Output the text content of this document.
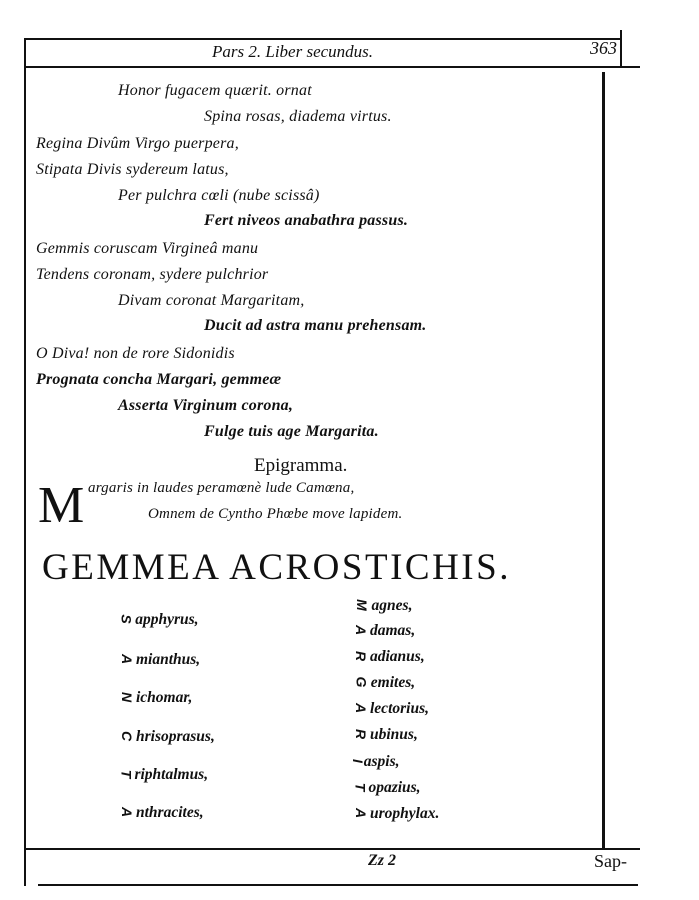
Pars 2. Liber secundus.	363
Honor fugacem quærit. ornat
Spina rosas, diadema virtus.
Regina Divûm Virgo puerpera,
Stipata Divis sydereum latus,
Per pulchra cœli (nube scissâ)
Fert niveos anabathra passus.
Gemmis coruscam Virgineâ manu
Tendens coronam, sydere pulchrior
Divam coronat Margaritam,
Ducit ad astra manu prehensam.
O Diva! non de rore Sidonidis
Prognata concha Margari, gemmeæ
Asserta Virginum corona,
Fulge tuis age Margarita.
Epigramma.
M argaris in laudes peramœnè lude Camœna,
Omnem de Cyntho Phœbe move lapidem.
GEMMEA ACROSTICHIS.
S apphyrus,
A mianthus,
N ichomar,
C hrisoprasus,
T riphtalmus,
A nthracites,
M agnes,
A damas,
R adianus,
G emites,
A lectorius,
R ubinus,
I aspis,
T opazius,
A urophylax.
Zz 2	Sap-
